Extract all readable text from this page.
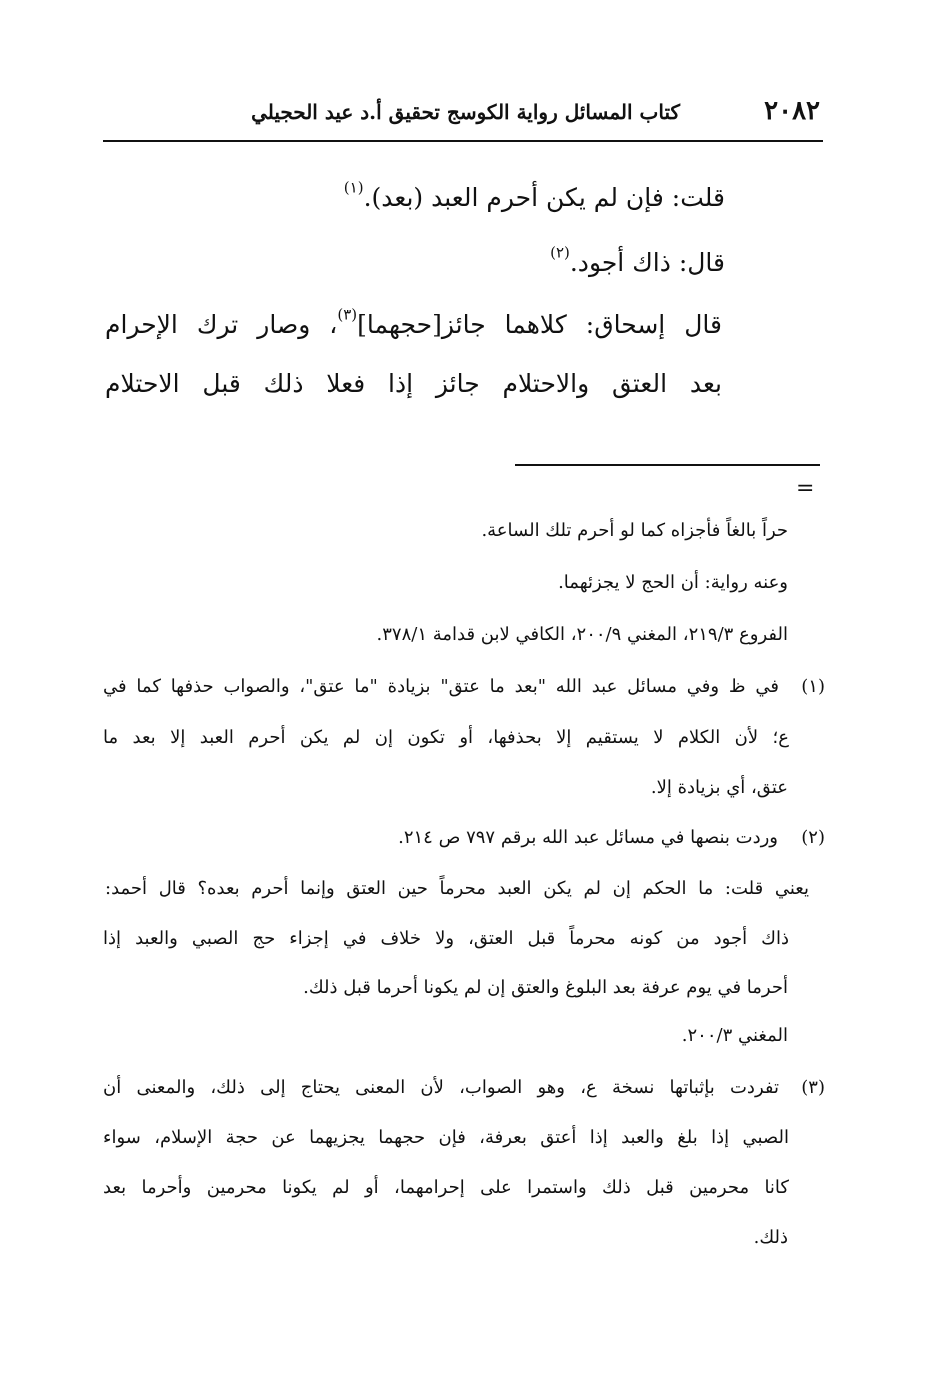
٢٠٨٢
كتاب المسائل رواية الكوسج تحقيق أ.د عيد الحجيلي
قلت: فإن لم يكن أحرم العبد (بعد).$^{(١)}$
قال: ذاك أجود.$^{(٢)}$
قال إسحاق: كلاهما جائز[حجهما]$^{(٣)}$، وصار ترك الإحرام
بعد العتق والاحتلام جائز إذا فعلا ذلك قبل الاحتلام
=
حراً بالغاً فأجزاه كما لو أحرم تلك الساعة.
وعنه رواية: أن الحج لا يجزئهما.
الفروع ٢١٩/٣، المغني ٢٠٠/٩، الكافي لابن قدامة ٣٧٨/١.
(١)
في ظ وفي مسائل عبد الله "بعد ما عتق" بزيادة "ما عتق"، والصواب حذفها كما في
ع؛ لأن الكلام لا يستقيم إلا بحذفها، أو تكون إن لم يكن أحرم العبد إلا بعد ما
عتق، أي بزيادة إلا.
(٢)
وردت بنصها في مسائل عبد الله برقم ٧٩٧ ص ٢١٤.
يعني قلت: ما الحكم إن لم يكن العبد محرماً حين العتق وإنما أحرم بعده؟ قال أحمد:
ذاك أجود من كونه محرماً قبل العتق، ولا خلاف في إجزاء حج الصبي والعبد إذا
أحرما في يوم عرفة بعد البلوغ والعتق إن لم يكونا أحرما قبل ذلك.
المغني ٢٠٠/٣.
(٣)
تفردت بإثباتها نسخة ع، وهو الصواب، لأن المعنى يحتاج إلى ذلك، والمعنى أن
الصبي إذا بلغ والعبد إذا أعتق بعرفة، فإن حجهما يجزيهما عن حجة الإسلام، سواء
كانا محرمين قبل ذلك واستمرا على إحرامهما، أو لم يكونا محرمين وأحرما بعد
ذلك.
